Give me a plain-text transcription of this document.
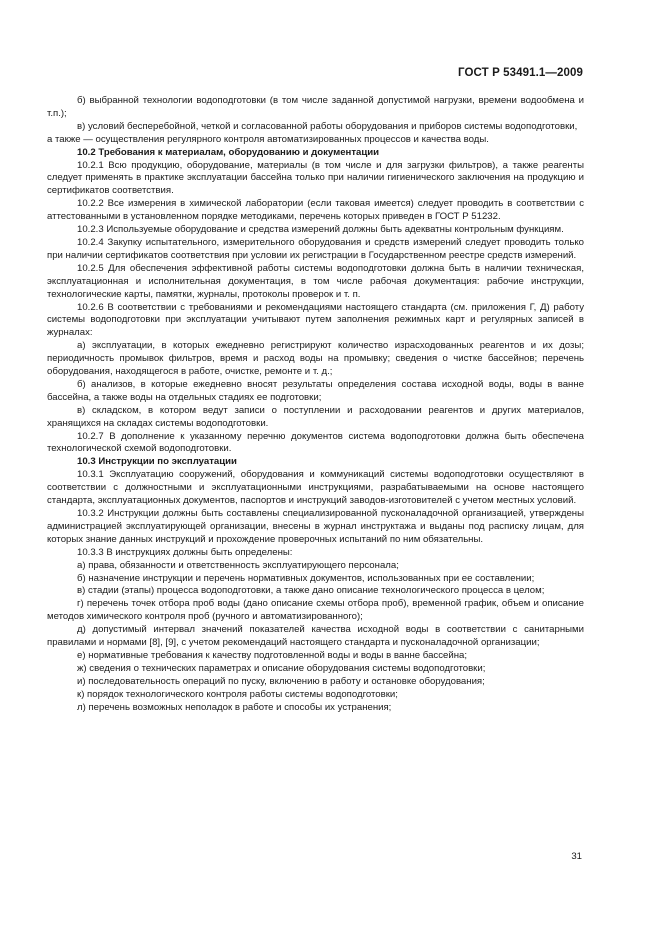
ГОСТ Р 53491.1—2009

б) выбранной технологии водоподготовки (в том числе заданной допустимой нагрузки, времени водообмена и т.п.);

в) условий бесперебойной, четкой и согласованной работы оборудования и приборов системы водоподготовки,

а также — осуществления регулярного контроля автоматизированных процессов и качества воды.

10.2 Требования к материалам, оборудованию и документации

10.2.1 Всю продукцию, оборудование, материалы (в том числе и для загрузки фильтров), а также реагенты следует применять в практике эксплуатации бассейна только при наличии гигиенического заключения на продукцию и сертификатов соответствия.

10.2.2 Все измерения в химической лаборатории (если таковая имеется) следует проводить в соответствии с аттестованными в установленном порядке методиками, перечень которых приведен в ГОСТ Р 51232.

10.2.3 Используемые оборудование и средства измерений должны быть адекватны контрольным функциям.

10.2.4 Закупку испытательного, измерительного оборудования и средств измерений следует проводить только при наличии сертификатов соответствия при условии их регистрации в Государственном реестре средств измерений.

10.2.5 Для обеспечения эффективной работы системы водоподготовки должна быть в наличии техническая, эксплуатационная и исполнительная документация, в том числе рабочая документация: рабочие инструкции, технологические карты, памятки, журналы, протоколы проверок и т. п.

10.2.6 В соответствии с требованиями и рекомендациями настоящего стандарта (см. приложения Г, Д) работу системы водоподготовки при эксплуатации учитывают путем заполнения режимных карт и регулярных записей в журналах:

а) эксплуатации, в которых ежедневно регистрируют количество израсходованных реагентов и их дозы; периодичность промывок фильтров, время и расход воды на промывку; сведения о чистке бассейнов; перечень оборудования, находящегося в работе, очистке, ремонте и т. д.;

б) анализов, в которые ежедневно вносят результаты определения состава исходной воды, воды в ванне бассейна, а также воды на отдельных стадиях ее подготовки;

в) складском, в котором ведут записи о поступлении и расходовании реагентов и других материалов, хранящихся на складах системы водоподготовки.

10.2.7 В дополнение к указанному перечню документов система водоподготовки должна быть обеспечена технологической схемой водоподготовки.

10.3 Инструкции по эксплуатации

10.3.1 Эксплуатацию сооружений, оборудования и коммуникаций системы водоподготовки осуществляют в соответствии с должностными и эксплуатационными инструкциями, разрабатываемыми на основе настоящего стандарта, эксплуатационных документов, паспортов и инструкций заводов-изготовителей с учетом местных условий.

10.3.2 Инструкции должны быть составлены специализированной пусконаладочной организацией, утверждены администрацией эксплуатирующей организации, внесены в журнал инструктажа и выданы под расписку лицам, для которых знание данных инструкций и прохождение проверочных испытаний по ним обязательны.

10.3.3 В инструкциях должны быть определены:

а) права, обязанности и ответственность эксплуатирующего персонала;

б) назначение инструкции и перечень нормативных документов, использованных при ее составлении;

в) стадии (этапы) процесса водоподготовки, а также дано описание технологического процесса в целом;

г) перечень точек отбора проб воды (дано описание схемы отбора проб), временной график, объем и описание методов химического контроля проб (ручного и автоматизированного);

д) допустимый интервал значений показателей качества исходной воды в соответствии с санитарными правилами и нормами [8], [9], с учетом рекомендаций настоящего стандарта и пусконаладочной организации;

е) нормативные требования к качеству подготовленной воды и воды в ванне бассейна;

ж) сведения о технических параметрах и описание оборудования системы водоподготовки;

и) последовательность операций по пуску, включению в работу и остановке оборудования;

к) порядок технологического контроля работы системы водоподготовки;

л) перечень возможных неполадок в работе и способы их устранения;

31
